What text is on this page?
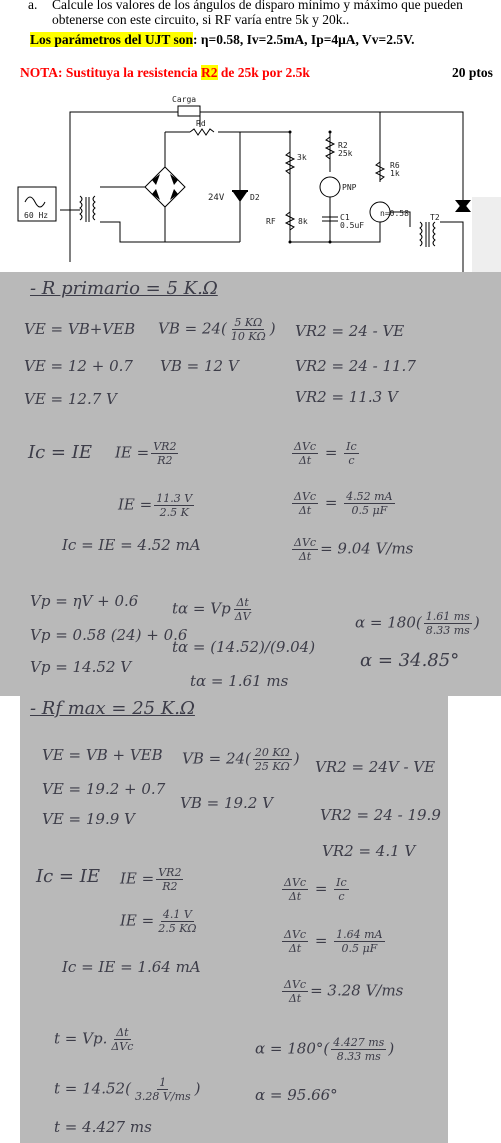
a. Calcule los valores de los ángulos de disparo mínimo y máximo que pueden
obtenerse con este circuito, si RF varía entre 5k y 20k..
Los parámetros del UJT son: η=0.58, Iv=2.5mA, Ip=4μA, Vv=2.5V.
NOTA: Sustituya la resistencia R2 de 25k por 2.5k	20 ptos
Carga
Rd
24V	D2
3k
R2
25k
PNP
R6
1k
RF	8k	C1
0.5uF
n=0.58	T2
60 Hz
- R primario = 5 K.Ω
VE = VB+VEB
VE = 12 + 0.7
VE = 12.7 V
VB = $24( \frac{5 K\Omega}{10 K\Omega}$ )
VB = 12 V
VR2 = 24 - VE
VR2 = 24 - 11.7
VR2 = 11.3 V
Ic = IE IE = $\frac{VR2}{R2}$
IE = $\frac{11.3 V}{2.5 K}$
Ic = IE = 4.52 mA
$\frac{\text{ΔVc}}{\Delta t} = \frac{Ic}{c}$
$\frac{\text{ΔVc}}{\Delta t} = \frac{4.52 mA}{0.5 \mu F}$
$\frac{\text{ΔVc}}{\Delta t} = 9.04$ V/ms
Vp = ηV + 0.6
Vp = 0.58 (24) + 0.6
Vp = 14.52 V
tα = Vp $\frac{\Delta t}{\Delta V}$
tα = (14.52)/(9.04)
tα = 1.61 ms
$\alpha = 180( \frac{1.61 ms}{8.33 ms}$ )
α = 34.85°
- Rf max = 25 K.Ω
VE = VB + VEB
VE = 19.2 + 0.7
VE = 19.9 V
VB = $24( \frac{20 K\Omega}{25 K\Omega}$ )
VB = 19.2 V
VR2 = 24V - VE
VR2 = 24 - 19.9
VR2 = 4.1 V
Ic = IE IE = $\frac{VR2}{R2}$
IE = $\frac{4.1 V}{2.5 K\Omega}$
Ic = IE = 1.64 mA
$\frac{\text{ΔVc}}{\Delta t} = \frac{Ic}{c}$
$\frac{\text{ΔVc}}{\Delta t} = \frac{1.64 mA}{0.5 \mu F}$
$\frac{\text{ΔVc}}{\Delta t} = 3.28$ V/ms
t = Vp. $\frac{\Delta t}{\text{ΔVc}}$
$t = 14.52( \frac{1}{3.28 V/ms}$ )
t = 4.427 ms
$\alpha = 180^\circ( \frac{4.427 ms}{8.33 ms}$ )
α = 95.66°
